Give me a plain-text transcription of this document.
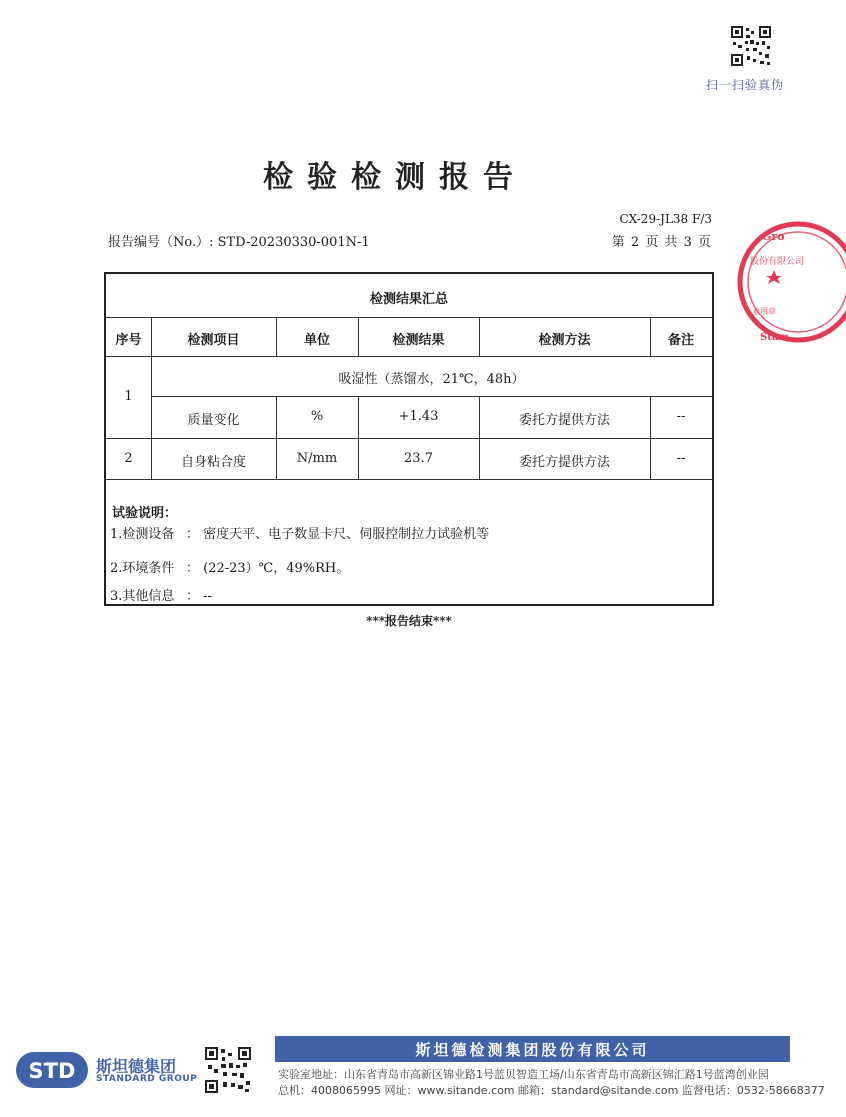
扫一扫验真伪
Gro
股份有限公司
业用章
Stam
检验检测报告
CX-29-JL38 F/3
报告编号（No.）: STD-20230330-001N-1	第 2 页 共 3 页
检测结果汇总
序号	检测项目	单位	检测结果	检测方法	备注
1
吸湿性（蒸馏水，21℃，48h）
质量变化	%	+1.43	委托方提供方法	--
2	自身粘合度	N/mm	23.7	委托方提供方法	--
试验说明：
1.检测设备 ： 密度天平、电子数显卡尺、伺服控制拉力试验机等
2.环境条件 ： (22-23）℃，49%RH。
3.其他信息 ： --
***报告结束***
STD 斯坦德集团
STANDARD GROUP
斯坦德检测集团股份有限公司
实验室地址：山东省青岛市高新区锦业路1号蓝贝智造工场/山东省青岛市高新区锦汇路1号蓝湾创业园
总机：4008065995 网址：www.sitande.com 邮箱：standard@sitande.com 监督电话：0532-58668377
